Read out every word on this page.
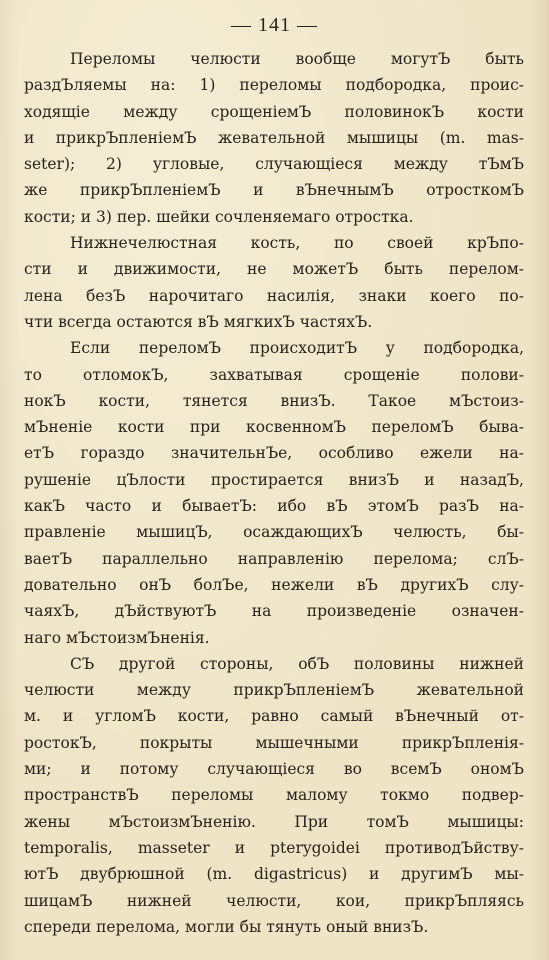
— 141 —
Переломы челюсти вообще могутЪ быть
раздЪляемы на: 1) переломы подбородка, проис-
ходящіе между срощеніемЪ половинокЪ кости
и прикрЪпленіемЪ жевательной мышицы (m. mas-
seter); 2) угловые, случающіеся между тЪмЪ
же прикрЪпленіемЪ и вЪнечнымЪ отросткомЪ
кости; и 3) пер. шейки сочленяемаго отростка.
Нижнечелюстная кость, по своей крЪпо-
сти и движимости, не можетЪ быть перелом-
лена безЪ нарочитаго насилія, знаки коего по-
чти всегда остаются вЪ мягкихЪ частяхЪ.
Если переломЪ происходитЪ у подбородка,
то отломокЪ, захватывая срощеніе полови-
нокЪ кости, тянется внизЪ. Такое мЪстоиз-
мЪненіе кости при косвенномЪ переломЪ быва-
етЪ гораздо значительнЪе, особливо ежели на-
рушеніе цЪлости простирается внизЪ и назадЪ,
какЪ часто и бываетЪ: ибо вЪ этомЪ разЪ на-
правленіе мышицЪ, осаждающихЪ челюсть, бы-
ваетЪ параллельно направленію перелома; слЪ-
довательно онЪ болЪе, нежели вЪ другихЪ слу-
чаяхЪ, дЪйствуютЪ на произведеніе означен-
наго мЪстоизмЪненія.
СЪ другой стороны, обЪ половины нижней
челюсти между прикрЪпленіемЪ жевательной
м. и угломЪ кости, равно самый вЪнечный от-
ростокЪ, покрыты мышечными прикрЪпленія-
ми; и потому случающіеся во всемЪ ономЪ
пространствЪ переломы малому токмо подвер-
жены мЪстоизмЪненію. При томЪ мышицы:
temporalis, masseter и pterygoidei противодЪйству-
ютЪ двубрюшной (m. digastricus) и другимЪ мы-
шицамЪ нижней челюсти, кои, прикрЪпляясь
спереди перелома, могли бы тянуть оный внизЪ.
